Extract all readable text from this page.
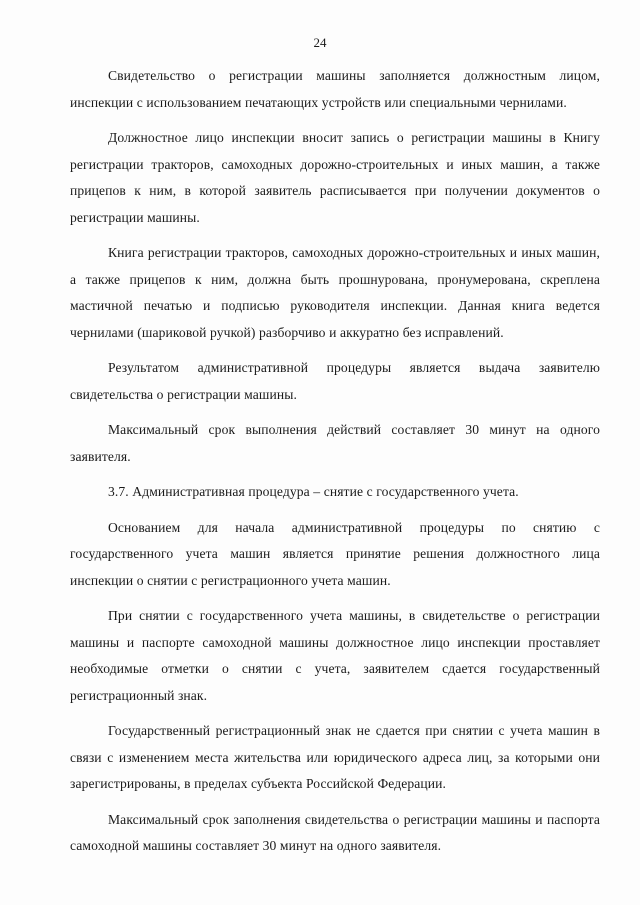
24

Свидетельство о регистрации машины заполняется должностным лицом, инспекции с использованием печатающих устройств или специальными чернилами.

Должностное лицо инспекции вносит запись о регистрации машины в Книгу регистрации тракторов, самоходных дорожно-строительных и иных машин, а также прицепов к ним, в которой заявитель расписывается при получении документов о регистрации машины.

Книга регистрации тракторов, самоходных дорожно-строительных и иных машин, а также прицепов к ним, должна быть прошнурована, пронумерована, скреплена мастичной печатью и подписью руководителя инспекции. Данная книга ведется чернилами (шариковой ручкой) разборчиво и аккуратно без исправлений.

Результатом административной процедуры является выдача заявителю свидетельства о регистрации машины.

Максимальный срок выполнения действий составляет 30 минут на одного заявителя.

3.7. Административная процедура – снятие с государственного учета.

Основанием для начала административной процедуры по снятию с государственного учета машин является принятие решения должностного лица инспекции о снятии с регистрационного учета машин.

При снятии с государственного учета машины, в свидетельстве о регистрации машины и паспорте самоходной машины должностное лицо инспекции проставляет необходимые отметки о снятии с учета, заявителем сдается государственный регистрационный знак.

Государственный регистрационный знак не сдается при снятии с учета машин в связи с изменением места жительства или юридического адреса лиц, за которыми они зарегистрированы, в пределах субъекта Российской Федерации.

Максимальный срок заполнения свидетельства о регистрации машины и паспорта самоходной машины составляет 30 минут на одного заявителя.
